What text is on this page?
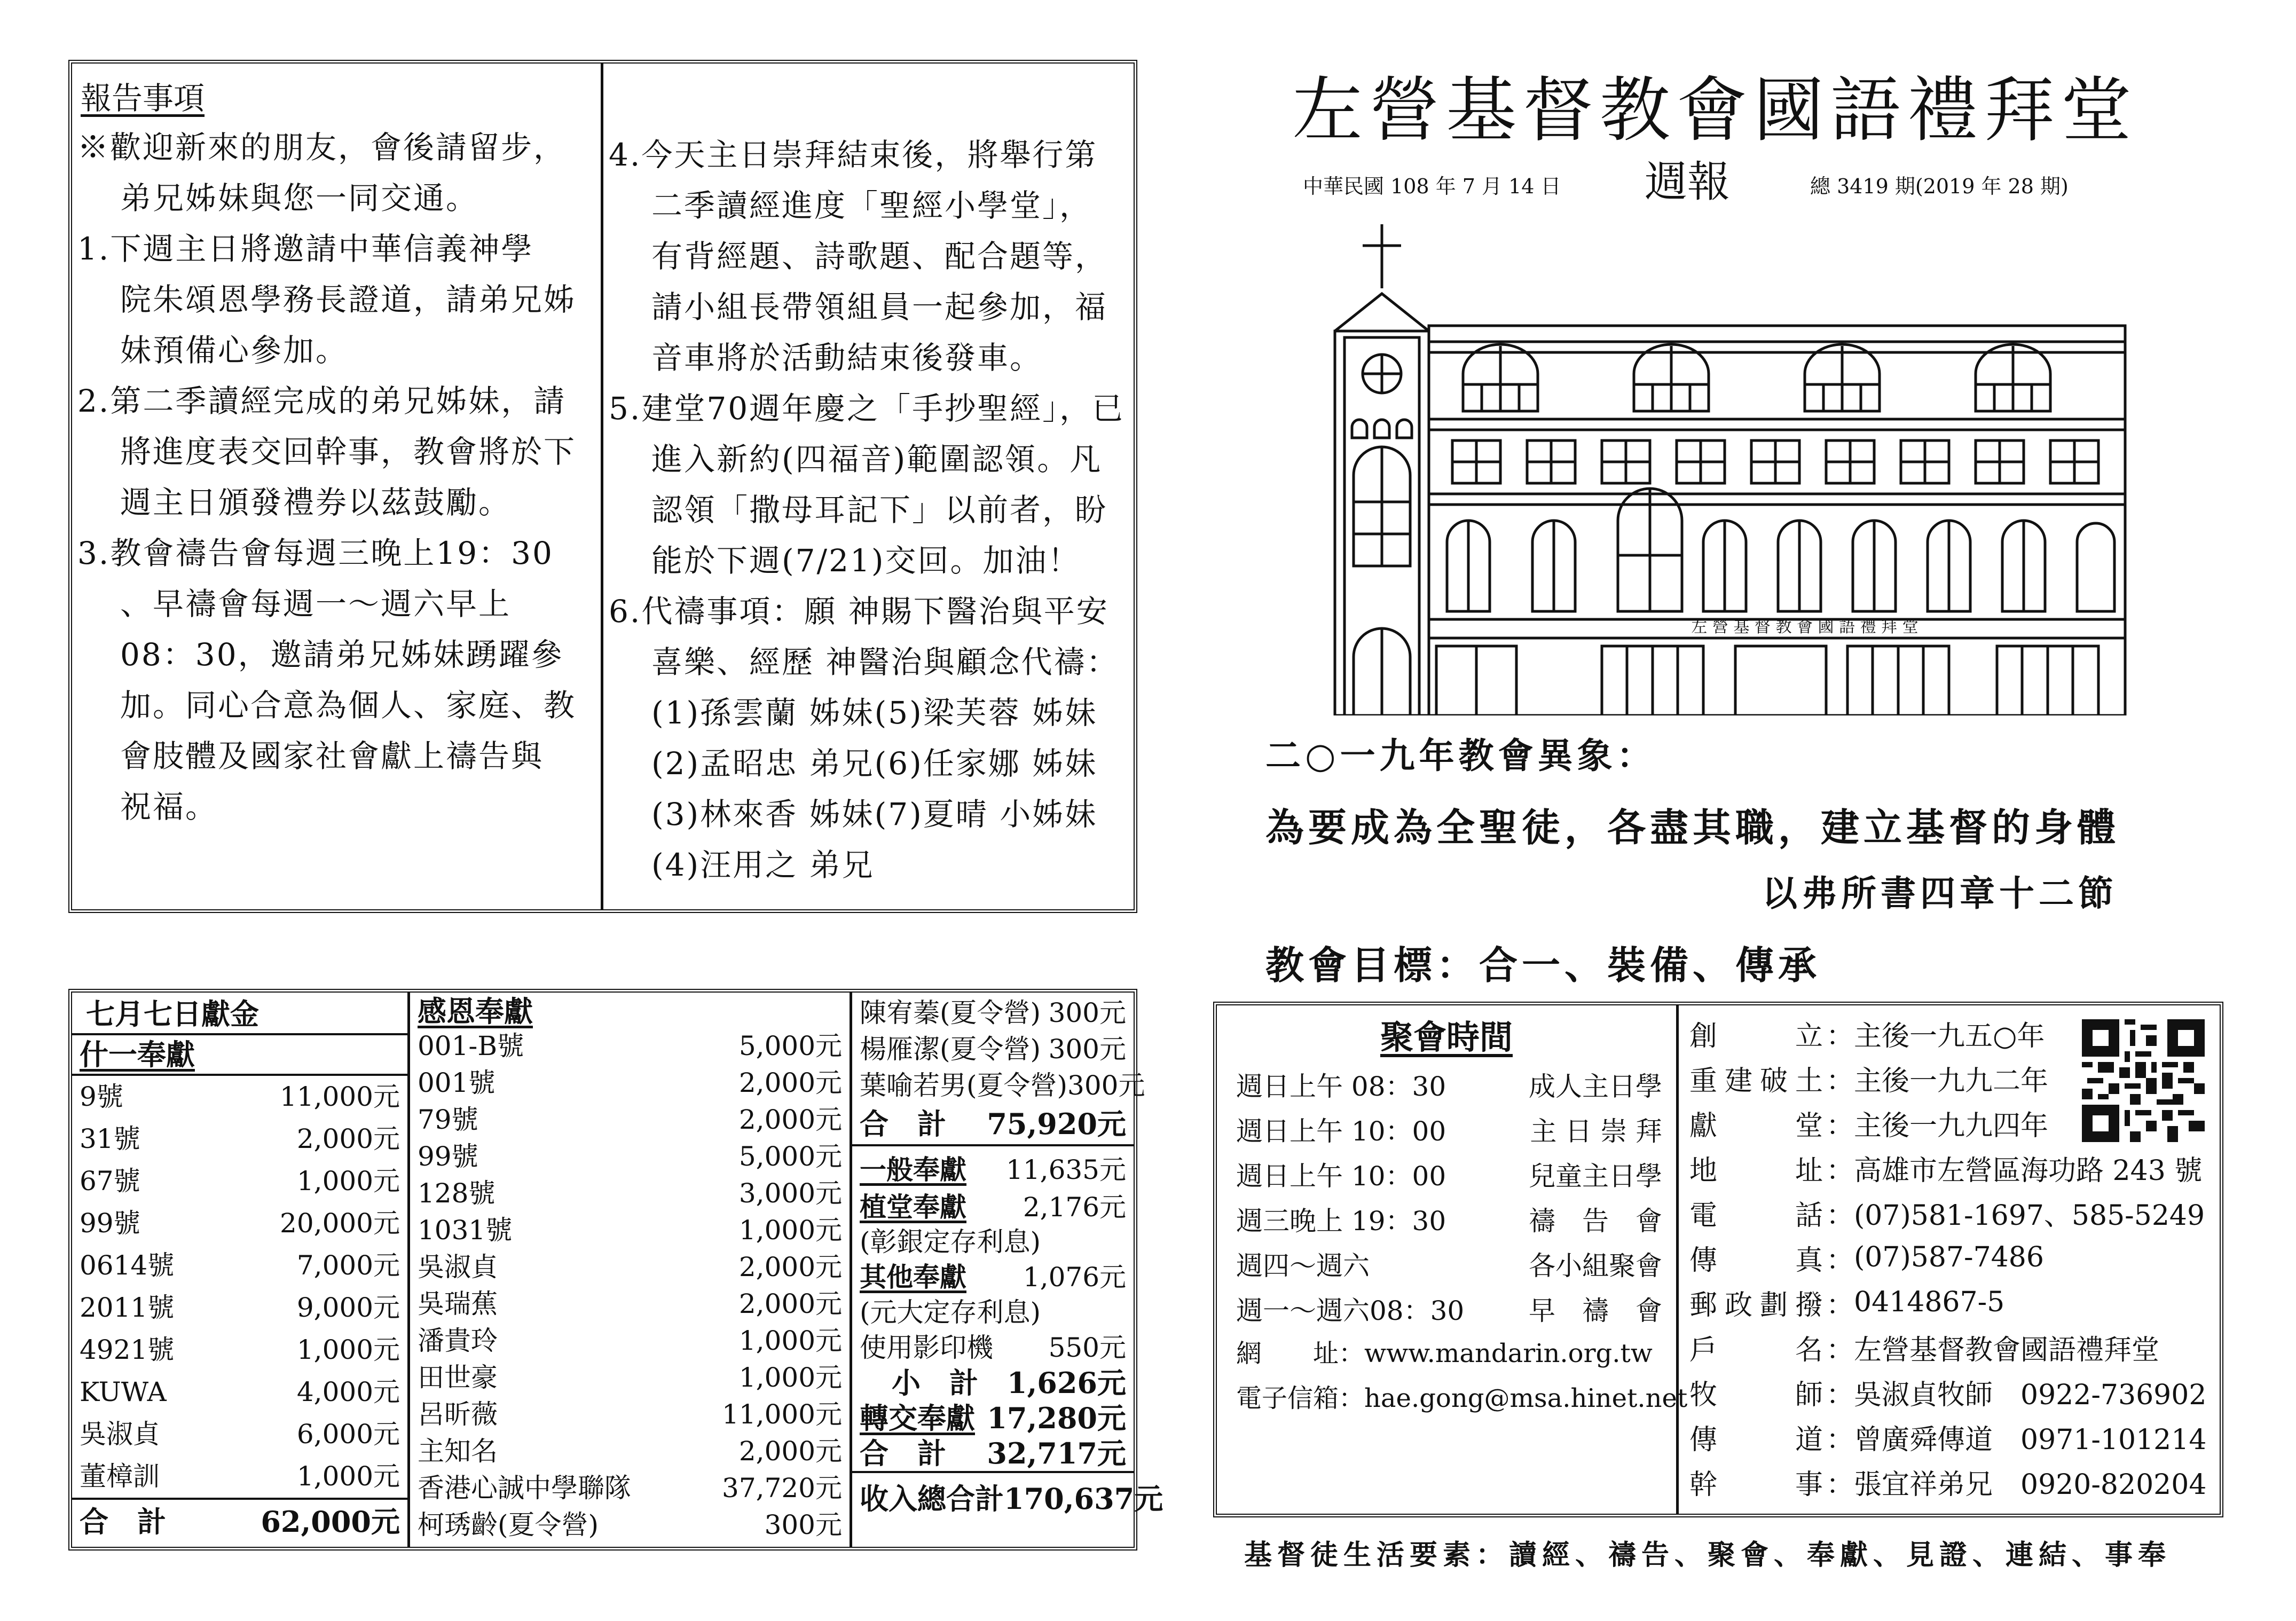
報告事項
※歡迎新來的朋友，會後請留步，
弟兄姊妹與您一同交通。
1.下週主日將邀請中華信義神學
院朱頌恩學務長證道，請弟兄姊
妹預備心參加。
2.第二季讀經完成的弟兄姊妹，請
將進度表交回幹事，教會將於下
週主日頒發禮券以茲鼓勵。
3.教會禱告會每週三晚上19：30
、早禱會每週一～週六早上
08：30，邀請弟兄姊妹踴躍參
加。同心合意為個人、家庭、教
會肢體及國家社會獻上禱告與
祝福。
4.今天主日崇拜結束後，將舉行第
二季讀經進度「聖經小學堂」，
有背經題、詩歌題、配合題等，
請小組長帶領組員一起參加，福
音車將於活動結束後發車。
5.建堂70週年慶之「手抄聖經」，已
進入新約(四福音)範圍認領。凡
認領「撒母耳記下」以前者，盼
能於下週(7/21)交回。加油！
6.代禱事項：願 神賜下醫治與平安
喜樂、經歷 神醫治與顧念代禱：
(1)孫雲蘭 姊妹(5)梁芙蓉 姊妹
(2)孟昭忠 弟兄(6)任家娜 姊妹
(3)林來香 姊妹(7)夏晴 小姊妹
(4)汪用之 弟兄
左營基督教會國語禮拜堂
中華民國 108 年 7 月 14 日 週報	總 3419 期(2019 年 28 期)
左 營 基 督 教 會 國 語 禮 拜 堂
二○一九年教會異象：
為要成為全聖徒，各盡其職，建立基督的身體
以弗所書四章十二節
教會目標：合一、裝備、傳承
七月七日獻金
什一奉獻
9號	11,000元
31號	2,000元
67號	1,000元
99號	20,000元
0614號	7,000元
2011號	9,000元
4921號	1,000元
KUWA	4,000元
吳淑貞	6,000元
董樟訓	1,000元
合　計	62,000元
感恩奉獻
001-B號	5,000元
001號	2,000元
79號	2,000元
99號	5,000元
128號	3,000元
1031號	1,000元
吳淑貞	2,000元
吳瑞蕉	2,000元
潘貴玲	1,000元
田世豪	1,000元
呂昕薇	11,000元
主知名	2,000元
香港心誠中學聯隊	37,720元
柯琇齡(夏令營)	300元
陳宥蓁(夏令營) 300元
楊雁潔(夏令營) 300元
葉喻若男(夏令營) 300元
合　計 75,920元
一般奉獻 11,635元
植堂奉獻 2,176元
(彰銀定存利息)
其他奉獻 1,076元
(元大定存利息)
使用影印機 550元
小　計 1,626元
轉交奉獻 17,280元
合　計 32,717元
收入總合 計170,637元
聚會時間
週日上午 08：30	成人主日學
週日上午 10：00	主 日 崇 拜
週日上午 10：00	兒童主日學
週三晚上 19：30	禱　告　會
週四～週六	各小組聚會
週一～週六08：30 早　禱　會
網　　址：www.mandarin.org.tw
電子信箱：hae.gong@msa.hinet.net
創	立 ： 主後一九五○年
重 建 破 土 ： 主後一九九二年
獻	堂 ： 主後一九九四年
地	址 ： 高雄市左營區海功路 243 號
電	話 ： (07)581-1697、585-5249
傳	真 ： (07)587-7486
郵 政 劃 撥 ： 0414867-5
戶	名 ： 左營基督教會國語禮拜堂
牧	師 ： 吳淑貞牧師　0922-736902
傳	道 ： 曾廣舜傳道　0971-101214
幹	事 ： 張宜祥弟兄　0920-820204
基督徒生活要素：讀經、禱告、聚會、奉獻、見證、連結、事奉
